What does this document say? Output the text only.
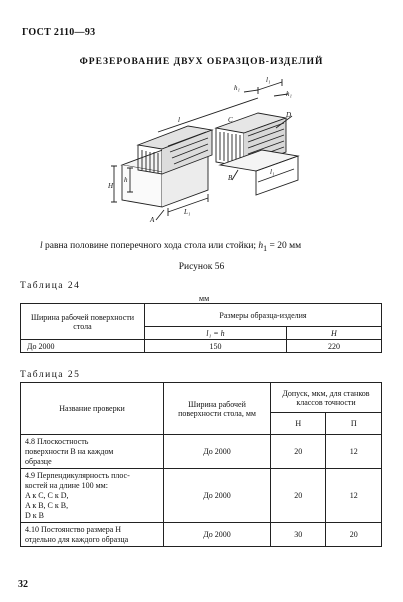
ГОСТ 2110—93
ФРЕЗЕРОВАНИЕ ДВУХ ОБРАЗЦОВ-ИЗДЕЛИЙ
h₁
l₁
h₁
D
l	C
B
l₁
H
h
A
L₁
l равна половине поперечного хода стола или стойки; $h_1 = 20$ мм
Рисунок 56
Таблица 24
мм
Ширина рабочей поверхности стола	Размеры образца-изделия	
	l₁ = h	H
До 2000	150	220
Таблица 25
Название проверки	Ширина рабочей поверхности стола, мм	Допуск, мкм, для станков классов точности	
		Н	П

4.8 Плоскостность
поверхности B на каждом
образце	До 2000	20	12

4.9 Перпендикулярность плос-
костей на длине 100 мм:
A к C, C к D,
A к B, C к B,
D к B	До 2000	20	12

4.10 Постоянство размера H
отдельно для каждого образца	До 2000	30	20
32
